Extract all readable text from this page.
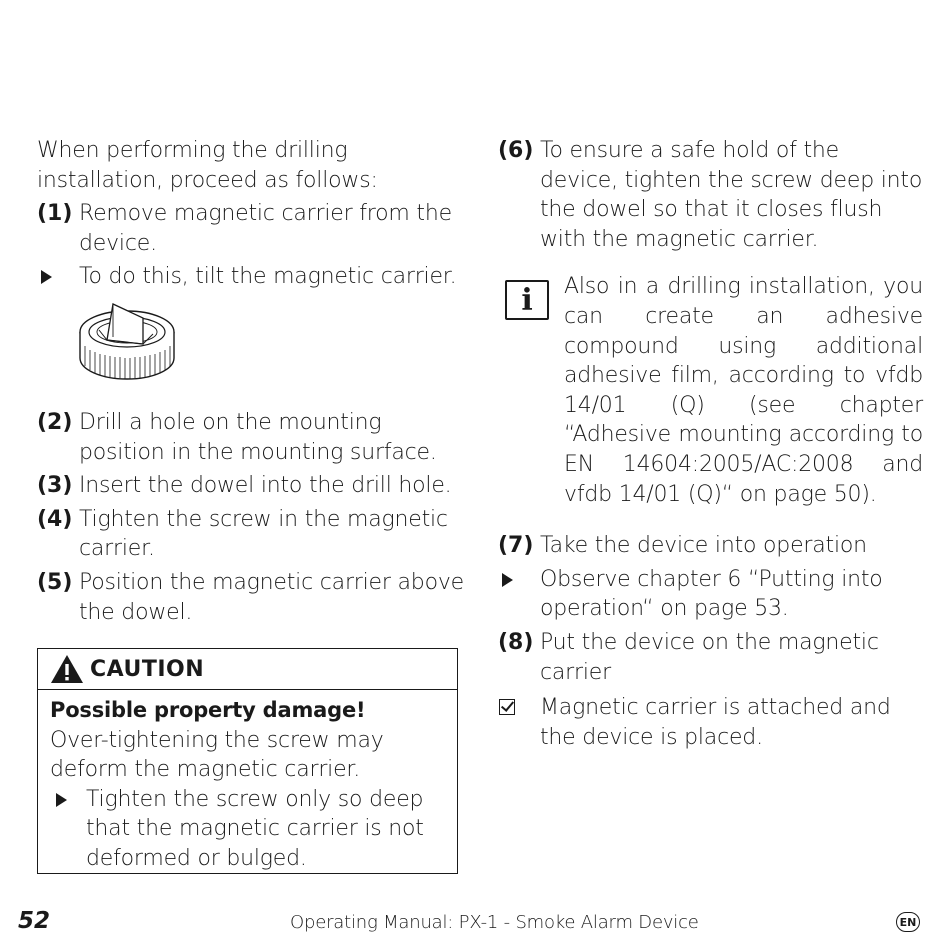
When performing the drilling installation, proceed as follows:
(1) Remove magnetic carrier from the device.
To do this, tilt the magnetic carrier.
(2) Drill a hole on the mounting position in the mounting surface.
(3) Insert the dowel into the drill hole.
(4) Tighten the screw in the magnetic carrier.
(5) Position the magnetic carrier above the dowel.
CAUTION
Possible property damage!
Over-tightening the screw may deform the magnetic carrier.
Tighten the screw only so deep that the magnetic carrier is not deformed or bulged.
(6) To ensure a safe hold of the device, tighten the screw deep into the dowel so that it closes flush with the magnetic carrier.
i	Also in a drilling installation, you can create an adhesive compound using additional adhesive film, according to vfdb 14/01 (Q) (see chapter “Adhesive mounting according to EN 14604:2005/AC:2008 and vfdb 14/01 (Q)“ on page 50).
(7) Take the device into operation
Observe chapter 6 “Putting into operation“ on page 53.
(8) Put the device on the magnetic carrier
Magnetic carrier is attached and the device is placed.
52	Operating Manual: PX-1 - Smoke Alarm Device	EN
